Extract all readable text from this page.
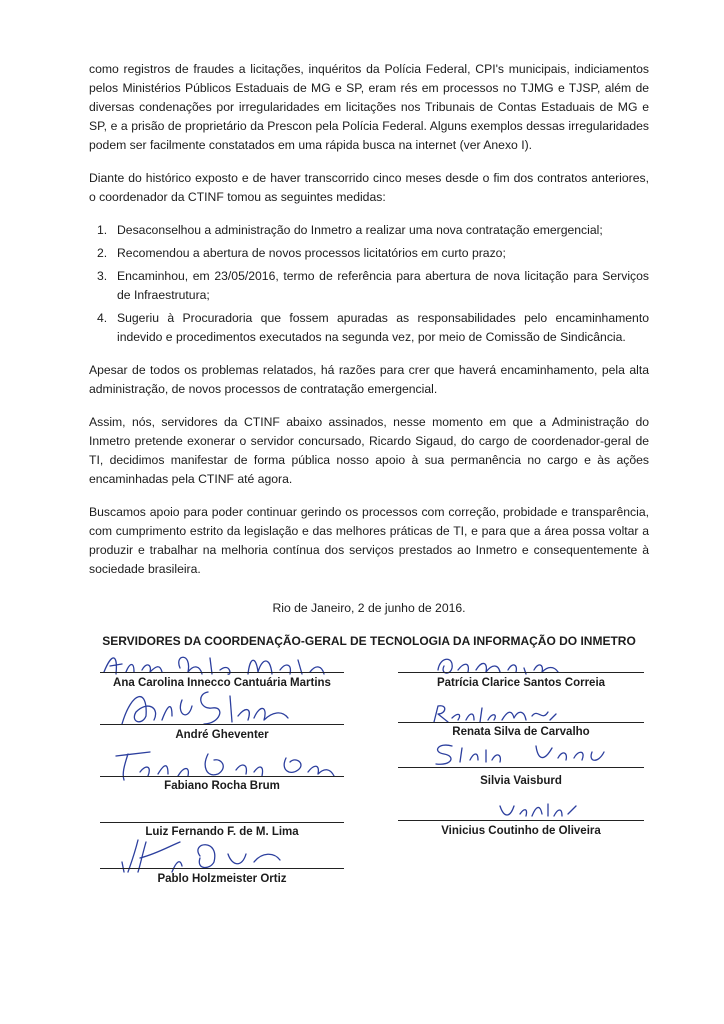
como registros de fraudes a licitações, inquéritos da Polícia Federal, CPI's municipais, indiciamentos pelos Ministérios Públicos Estaduais de MG e SP, eram rés em processos no TJMG e TJSP, além de diversas condenações por irregularidades em licitações nos Tribunais de Contas Estaduais de MG e SP, e a prisão de proprietário da Prescon pela Polícia Federal. Alguns exemplos dessas irregularidades podem ser facilmente constatados em uma rápida busca na internet (ver Anexo I).

Diante do histórico exposto e de haver transcorrido cinco meses desde o fim dos contratos anteriores, o coordenador da CTINF tomou as seguintes medidas:

1. Desaconselhou a administração do Inmetro a realizar uma nova contratação emergencial;
2. Recomendou a abertura de novos processos licitatórios em curto prazo;
3. Encaminhou, em 23/05/2016, termo de referência para abertura de nova licitação para Serviços de Infraestrutura;
4. Sugeriu à Procuradoria que fossem apuradas as responsabilidades pelo encaminhamento indevido e procedimentos executados na segunda vez, por meio de Comissão de Sindicância.

Apesar de todos os problemas relatados, há razões para crer que haverá encaminhamento, pela alta administração, de novos processos de contratação emergencial.

Assim, nós, servidores da CTINF abaixo assinados, nesse momento em que a Administração do Inmetro pretende exonerar o servidor concursado, Ricardo Sigaud, do cargo de coordenador-geral de TI, decidimos manifestar de forma pública nosso apoio à sua permanência no cargo e às ações encaminhadas pela CTINF até agora.

Buscamos apoio para poder continuar gerindo os processos com correção, probidade e transparência, com cumprimento estrito da legislação e das melhores práticas de TI, e para que a área possa voltar a produzir e trabalhar na melhoria contínua dos serviços prestados ao Inmetro e consequentemente à sociedade brasileira.

Rio de Janeiro, 2 de junho de 2016.

SERVIDORES DA COORDENAÇÃO-GERAL DE TECNOLOGIA DA INFORMAÇÃO DO INMETRO

Ana Carolina Innecco Cantuária Martins
André Gheventer
Fabiano Rocha Brum
Luiz Fernando F. de M. Lima
Pablo Holzmeister Ortiz
Patrícia Clarice Santos Correia
Renata Silva de Carvalho
Silvia Vaisburd
Vinicius Coutinho de Oliveira
